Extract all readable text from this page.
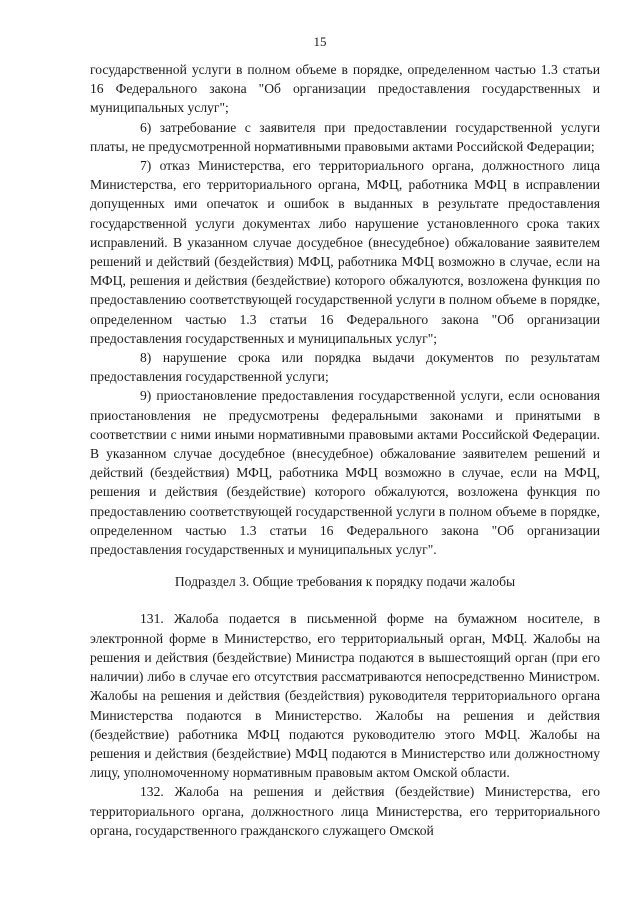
15

государственной услуги в полном объеме в порядке, определенном частью 1.3 статьи 16 Федерального закона "Об организации предоставления государственных и муниципальных услуг";

6) затребование с заявителя при предоставлении государственной услуги платы, не предусмотренной нормативными правовыми актами Российской Федерации;

7) отказ Министерства, его территориального органа, должностного лица Министерства, его территориального органа, МФЦ, работника МФЦ в исправлении допущенных ими опечаток и ошибок в выданных в результате предоставления государственной услуги документах либо нарушение установленного срока таких исправлений. В указанном случае досудебное (внесудебное) обжалование заявителем решений и действий (бездействия) МФЦ, работника МФЦ возможно в случае, если на МФЦ, решения и действия (бездействие) которого обжалуются, возложена функция по предоставлению соответствующей государственной услуги в полном объеме в порядке, определенном частью 1.3 статьи 16 Федерального закона "Об организации предоставления государственных и муниципальных услуг";

8) нарушение срока или порядка выдачи документов по результатам предоставления государственной услуги;

9) приостановление предоставления государственной услуги, если основания приостановления не предусмотрены федеральными законами и принятыми в соответствии с ними иными нормативными правовыми актами Российской Федерации. В указанном случае досудебное (внесудебное) обжалование заявителем решений и действий (бездействия) МФЦ, работника МФЦ возможно в случае, если на МФЦ, решения и действия (бездействие) которого обжалуются, возложена функция по предоставлению соответствующей государственной услуги в полном объеме в порядке, определенном частью 1.3 статьи 16 Федерального закона "Об организации предоставления государственных и муниципальных услуг".

Подраздел 3. Общие требования к порядку подачи жалобы

131. Жалоба подается в письменной форме на бумажном носителе, в электронной форме в Министерство, его территориальный орган, МФЦ. Жалобы на решения и действия (бездействие) Министра подаются в вышестоящий орган (при его наличии) либо в случае его отсутствия рассматриваются непосредственно Министром. Жалобы на решения и действия (бездействия) руководителя территориального органа Министерства подаются в Министерство. Жалобы на решения и действия (бездействие) работника МФЦ подаются руководителю этого МФЦ. Жалобы на решения и действия (бездействие) МФЦ подаются в Министерство или должностному лицу, уполномоченному нормативным правовым актом Омской области.

132. Жалоба на решения и действия (бездействие) Министерства, его территориального органа, должностного лица Министерства, его территориального органа, государственного гражданского служащего Омской
